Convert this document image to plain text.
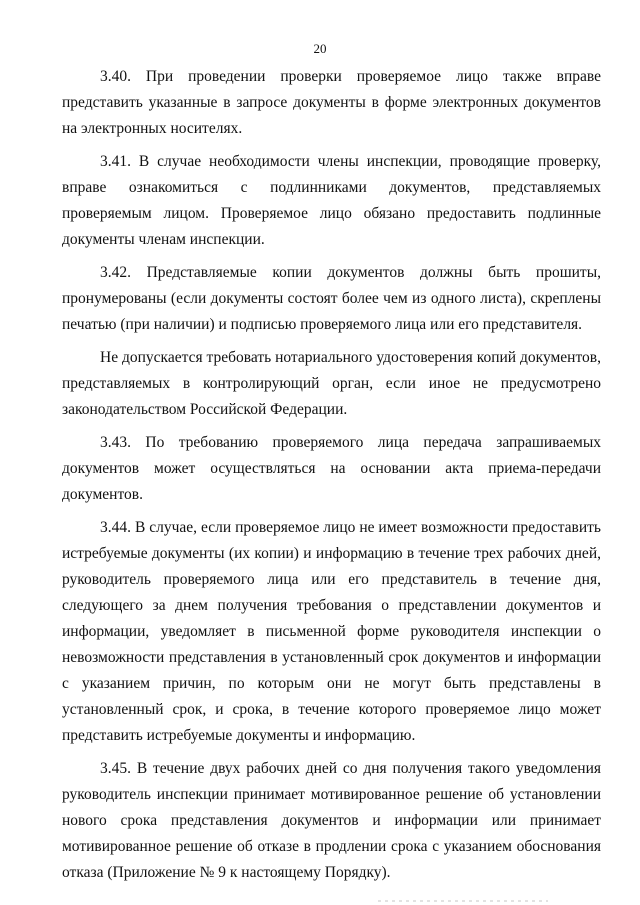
20

3.40. При проведении проверки проверяемое лицо также вправе представить указанные в запросе документы в форме электронных документов на электронных носителях.

3.41. В случае необходимости члены инспекции, проводящие проверку, вправе ознакомиться с подлинниками документов, представляемых проверяемым лицом. Проверяемое лицо обязано предоставить подлинные документы членам инспекции.

3.42. Представляемые копии документов должны быть прошиты, пронумерованы (если документы состоят более чем из одного листа), скреплены печатью (при наличии) и подписью проверяемого лица или его представителя.

Не допускается требовать нотариального удостоверения копий документов, представляемых в контролирующий орган, если иное не предусмотрено законодательством Российской Федерации.

3.43. По требованию проверяемого лица передача запрашиваемых документов может осуществляться на основании акта приема-передачи документов.

3.44. В случае, если проверяемое лицо не имеет возможности предоставить истребуемые документы (их копии) и информацию в течение трех рабочих дней, руководитель проверяемого лица или его представитель в течение дня, следующего за днем получения требования о представлении документов и информации, уведомляет в письменной форме руководителя инспекции о невозможности представления в установленный срок документов и информации с указанием причин, по которым они не могут быть представлены в установленный срок, и срока, в течение которого проверяемое лицо может представить истребуемые документы и информацию.

3.45. В течение двух рабочих дней со дня получения такого уведомления руководитель инспекции принимает мотивированное решение об установлении нового срока представления документов и информации или принимает мотивированное решение об отказе в продлении срока с указанием обоснования отказа (Приложение № 9 к настоящему Порядку).
